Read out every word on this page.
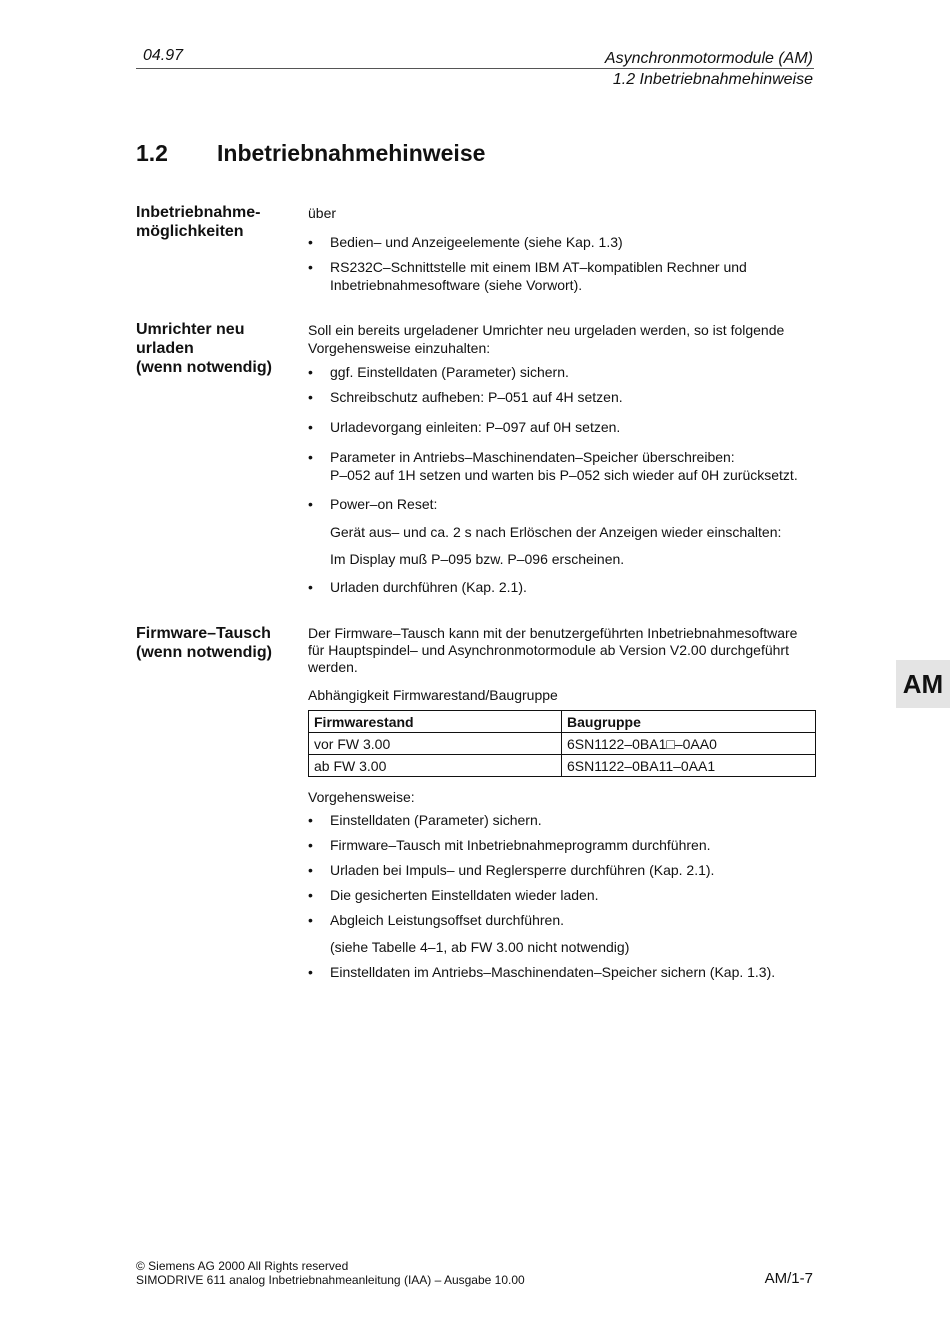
04.97	Asynchronmotormodule (AM)
1.2 Inbetriebnahmehinweise
1.2 Inbetriebnahmehinweise
Inbetriebnahme-
möglichkeiten
über
•	Bedien– und Anzeigeelemente (siehe Kap. 1.3)
•	RS232C–Schnittstelle mit einem IBM AT–kompatiblen Rechner und
Inbetriebnahmesoftware (siehe Vorwort).
Umrichter neu
urladen
(wenn notwendig)
Soll ein bereits urgeladener Umrichter neu urgeladen werden, so ist folgende
Vorgehensweise einzuhalten:
•	ggf. Einstelldaten (Parameter) sichern.
•	Schreibschutz aufheben: P–051 auf 4H setzen.
•	Urladevorgang einleiten: P–097 auf 0H setzen.
•	Parameter in Antriebs–Maschinendaten–Speicher überschreiben:
P–052 auf 1H setzen und warten bis P–052 sich wieder auf 0H zurücksetzt.
•	Power–on Reset:
Gerät aus– und ca. 2 s nach Erlöschen der Anzeigen wieder einschalten:
Im Display muß P–095 bzw. P–096 erscheinen.
•	Urladen durchführen (Kap. 2.1).
Firmware–Tausch
(wenn notwendig)
Der Firmware–Tausch kann mit der benutzergeführten Inbetriebnahmesoftware
für Hauptspindel– und Asynchronmotormodule ab Version V2.00 durchgeführt
werden.
Abhängigkeit Firmwarestand/Baugruppe
Firmwarestand	Baugruppe
vor FW 3.00	6SN1122–0BA1□–0AA0
ab FW 3.00	6SN1122–0BA11–0AA1
Vorgehensweise:
•	Einstelldaten (Parameter) sichern.
•	Firmware–Tausch mit Inbetriebnahmeprogramm durchführen.
•	Urladen bei Impuls– und Reglersperre durchführen (Kap. 2.1).
•	Die gesicherten Einstelldaten wieder laden.
•	Abgleich Leistungsoffset durchführen.
(siehe Tabelle 4–1, ab FW 3.00 nicht notwendig)
•	Einstelldaten im Antriebs–Maschinendaten–Speicher sichern (Kap. 1.3).
AM
© Siemens AG 2000 All Rights reserved
SIMODRIVE 611 analog Inbetriebnahmeanleitung (IAA) – Ausgabe 10.00	AM/1-7
